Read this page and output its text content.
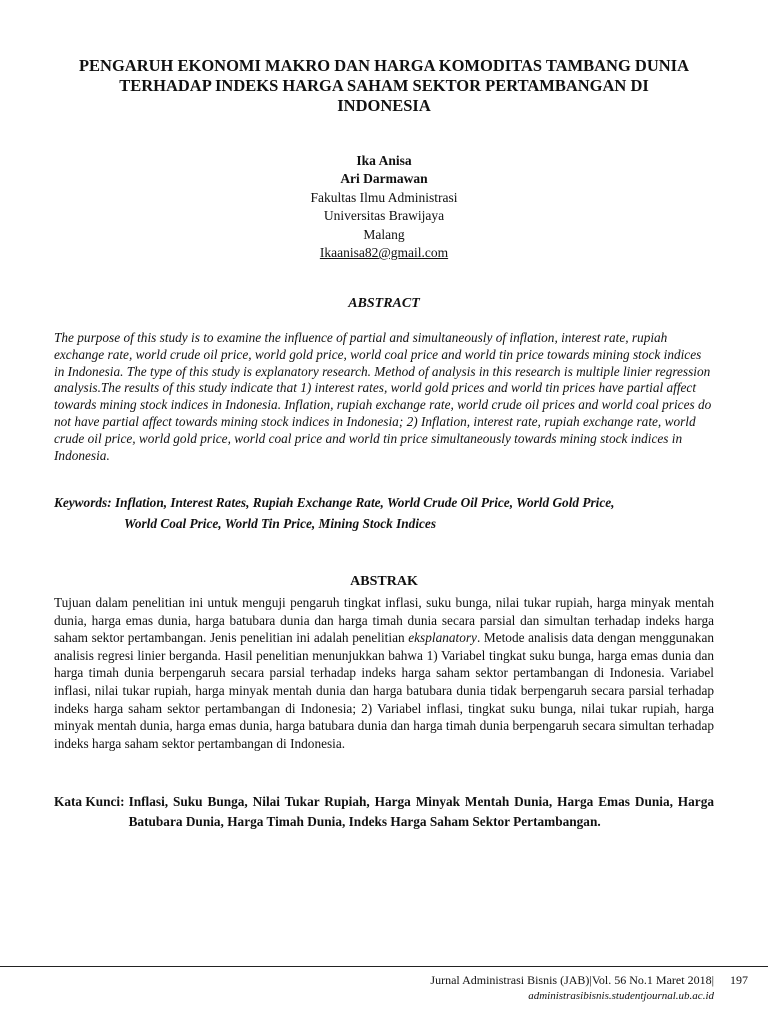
PENGARUH EKONOMI MAKRO DAN HARGA KOMODITAS TAMBANG DUNIA
TERHADAP INDEKS HARGA SAHAM SEKTOR PERTAMBANGAN DI
INDONESIA
Ika Anisa
Ari Darmawan
Fakultas Ilmu Administrasi
Universitas Brawijaya
Malang
Ikaanisa82@gmail.com
ABSTRACT

The purpose of this study is to examine the influence of partial and simultaneously of inflation, interest rate, rupiah exchange rate, world crude oil price, world gold price, world coal price and world tin price towards mining stock indices in Indonesia. The type of this study is explanatory research. Method of analysis in this research is multiple linier regression analysis.The results of this study indicate that 1) interest rates, world gold prices and world tin prices have partial affect towards mining stock indices in Indonesia. Inflation, rupiah exchange rate, world crude oil prices and world coal prices do not have partial affect towards mining stock indices in Indonesia; 2) Inflation, interest rate, rupiah exchange rate, world crude oil price, world gold price, world coal price and world tin price simultaneously towards mining stock indices in Indonesia.

Keywords: Inflation, Interest Rates, Rupiah Exchange Rate, World Crude Oil Price, World Gold Price,
World Coal Price, World Tin Price, Mining Stock Indices
ABSTRAK

Tujuan dalam penelitian ini untuk menguji pengaruh tingkat inflasi, suku bunga, nilai tukar rupiah, harga minyak mentah dunia, harga emas dunia, harga batubara dunia dan harga timah dunia secara parsial dan simultan terhadap indeks harga saham sektor pertambangan. Jenis penelitian ini adalah penelitian eksplanatory. Metode analisis data dengan menggunakan analisis regresi linier berganda. Hasil penelitian menunjukkan bahwa 1) Variabel tingkat suku bunga, harga emas dunia dan harga timah dunia berpengaruh secara parsial terhadap indeks harga saham sektor pertambangan di Indonesia. Variabel inflasi, nilai tukar rupiah, harga minyak mentah dunia dan harga batubara dunia tidak berpengaruh secara parsial terhadap indeks harga saham sektor pertambangan di Indonesia; 2) Variabel inflasi, tingkat suku bunga, nilai tukar rupiah, harga minyak mentah dunia, harga emas dunia, harga batubara dunia dan harga timah dunia berpengaruh secara simultan terhadap indeks harga saham sektor pertambangan di Indonesia.

Kata Kunci: Inflasi, Suku Bunga, Nilai Tukar Rupiah, Harga Minyak Mentah Dunia, Harga Emas Dunia, Harga Batubara Dunia, Harga Timah Dunia, Indeks Harga Saham Sektor Pertambangan.
Jurnal Administrasi Bisnis (JAB)|Vol. 56 No.1 Maret 2018| 197
administrasibisnis.studentjournal.ub.ac.id
